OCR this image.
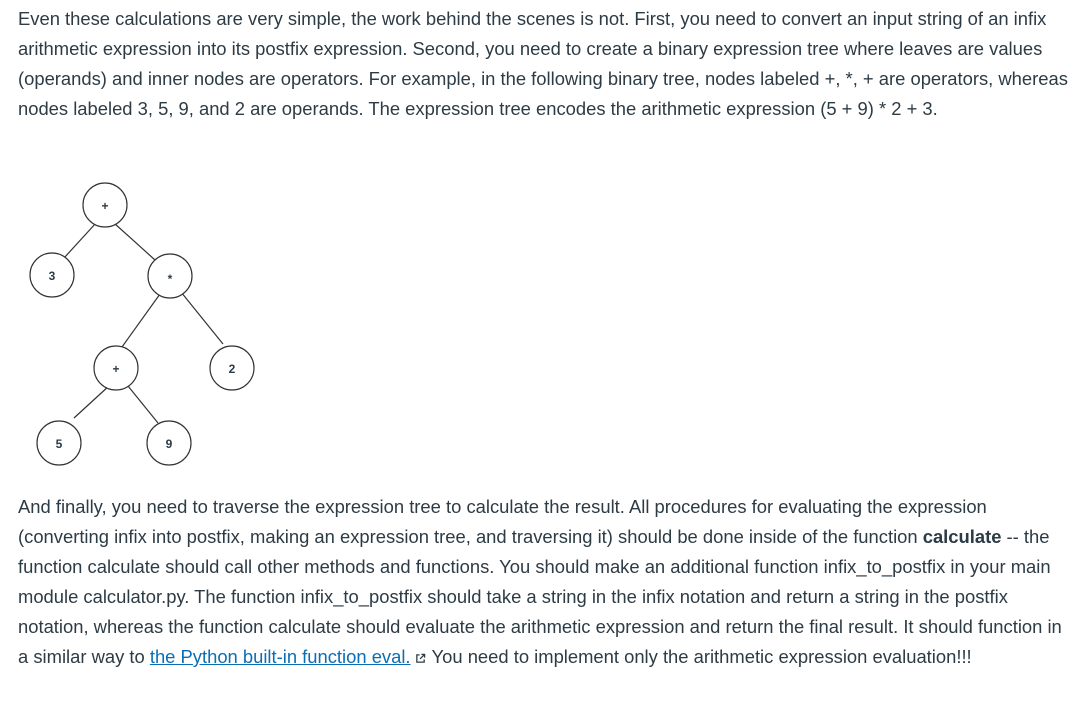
Even these calculations are very simple, the work behind the scenes is not. First, you need to convert an input string of an infix arithmetic expression into its postfix expression. Second, you need to create a binary expression tree where leaves are values (operands) and inner nodes are operators. For example, in the following binary tree, nodes labeled +, *, + are operators, whereas nodes labeled 3, 5, 9, and 2 are operands. The expression tree encodes the arithmetic expression (5 + 9) * 2 + 3.

+
3	*
+	2
5	9

And finally, you need to traverse the expression tree to calculate the result. All procedures for evaluating the expression (converting infix into postfix, making an expression tree, and traversing it) should be done inside of the function calculate -- the function calculate should call other methods and functions. You should make an additional function infix_to_postfix in your main module calculator.py. The function infix_to_postfix should take a string in the infix notation and return a string in the postfix notation, whereas the function calculate should evaluate the arithmetic expression and return the final result. It should function in a similar way to the Python built-in function eval. You need to implement only the arithmetic expression evaluation!!!
